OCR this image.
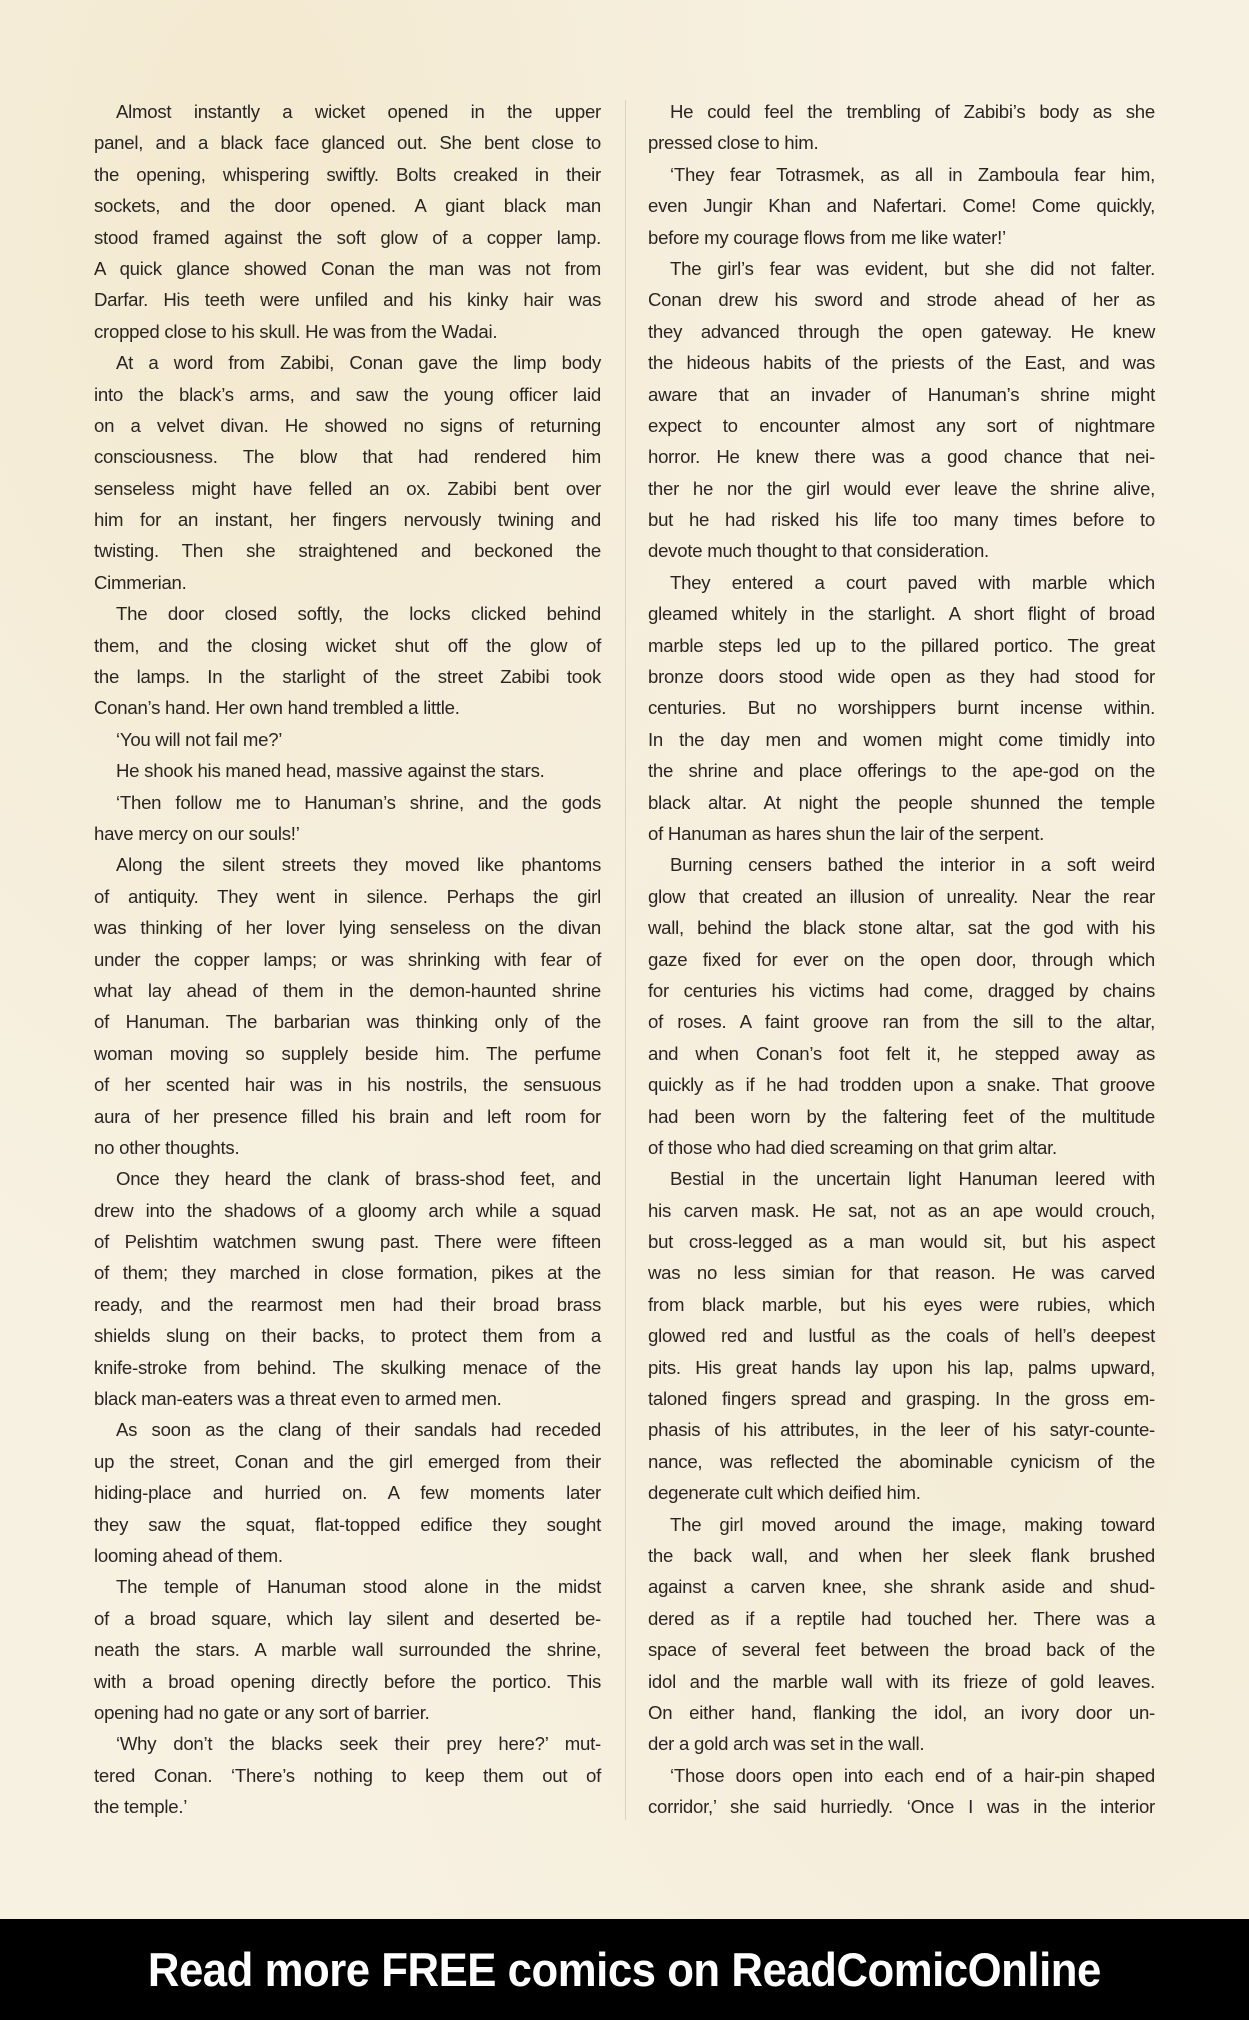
Almost instantly a wicket opened in the upper
panel, and a black face glanced out. She bent close to
the opening, whispering swiftly. Bolts creaked in their
sockets, and the door opened. A giant black man
stood framed against the soft glow of a copper lamp.
A quick glance showed Conan the man was not from
Darfar. His teeth were unfiled and his kinky hair was
cropped close to his skull. He was from the Wadai.
At a word from Zabibi, Conan gave the limp body
into the black’s arms, and saw the young officer laid
on a velvet divan. He showed no signs of returning
consciousness. The blow that had rendered him
senseless might have felled an ox. Zabibi bent over
him for an instant, her fingers nervously twining and
twisting. Then she straightened and beckoned the
Cimmerian.
The door closed softly, the locks clicked behind
them, and the closing wicket shut off the glow of
the lamps. In the starlight of the street Zabibi took
Conan’s hand. Her own hand trembled a little.
‘You will not fail me?’
He shook his maned head, massive against the stars.
‘Then follow me to Hanuman’s shrine, and the gods
have mercy on our souls!’
Along the silent streets they moved like phantoms
of antiquity. They went in silence. Perhaps the girl
was thinking of her lover lying senseless on the divan
under the copper lamps; or was shrinking with fear of
what lay ahead of them in the demon-haunted shrine
of Hanuman. The barbarian was thinking only of the
woman moving so supplely beside him. The perfume
of her scented hair was in his nostrils, the sensuous
aura of her presence filled his brain and left room for
no other thoughts.
Once they heard the clank of brass-shod feet, and
drew into the shadows of a gloomy arch while a squad
of Pelishtim watchmen swung past. There were fifteen
of them; they marched in close formation, pikes at the
ready, and the rearmost men had their broad brass
shields slung on their backs, to protect them from a
knife-stroke from behind. The skulking menace of the
black man-eaters was a threat even to armed men.
As soon as the clang of their sandals had receded
up the street, Conan and the girl emerged from their
hiding-place and hurried on. A few moments later
they saw the squat, flat-topped edifice they sought
looming ahead of them.
The temple of Hanuman stood alone in the midst
of a broad square, which lay silent and deserted be-
neath the stars. A marble wall surrounded the shrine,
with a broad opening directly before the portico. This
opening had no gate or any sort of barrier.
‘Why don’t the blacks seek their prey here?’ mut-
tered Conan. ‘There’s nothing to keep them out of
the temple.’
He could feel the trembling of Zabibi’s body as she
pressed close to him.
‘They fear Totrasmek, as all in Zamboula fear him,
even Jungir Khan and Nafertari. Come! Come quickly,
before my courage flows from me like water!’
The girl’s fear was evident, but she did not falter.
Conan drew his sword and strode ahead of her as
they advanced through the open gateway. He knew
the hideous habits of the priests of the East, and was
aware that an invader of Hanuman’s shrine might
expect to encounter almost any sort of nightmare
horror. He knew there was a good chance that nei-
ther he nor the girl would ever leave the shrine alive,
but he had risked his life too many times before to
devote much thought to that consideration.
They entered a court paved with marble which
gleamed whitely in the starlight. A short flight of broad
marble steps led up to the pillared portico. The great
bronze doors stood wide open as they had stood for
centuries. But no worshippers burnt incense within.
In the day men and women might come timidly into
the shrine and place offerings to the ape-god on the
black altar. At night the people shunned the temple
of Hanuman as hares shun the lair of the serpent.
Burning censers bathed the interior in a soft weird
glow that created an illusion of unreality. Near the rear
wall, behind the black stone altar, sat the god with his
gaze fixed for ever on the open door, through which
for centuries his victims had come, dragged by chains
of roses. A faint groove ran from the sill to the altar,
and when Conan’s foot felt it, he stepped away as
quickly as if he had trodden upon a snake. That groove
had been worn by the faltering feet of the multitude
of those who had died screaming on that grim altar.
Bestial in the uncertain light Hanuman leered with
his carven mask. He sat, not as an ape would crouch,
but cross-legged as a man would sit, but his aspect
was no less simian for that reason. He was carved
from black marble, but his eyes were rubies, which
glowed red and lustful as the coals of hell’s deepest
pits. His great hands lay upon his lap, palms upward,
taloned fingers spread and grasping. In the gross em-
phasis of his attributes, in the leer of his satyr-counte-
nance, was reflected the abominable cynicism of the
degenerate cult which deified him.
The girl moved around the image, making toward
the back wall, and when her sleek flank brushed
against a carven knee, she shrank aside and shud-
dered as if a reptile had touched her. There was a
space of several feet between the broad back of the
idol and the marble wall with its frieze of gold leaves.
On either hand, flanking the idol, an ivory door un-
der a gold arch was set in the wall.
‘Those doors open into each end of a hair-pin shaped
corridor,’ she said hurriedly. ‘Once I was in the interior
Read more FREE comics on ReadComicOnline
